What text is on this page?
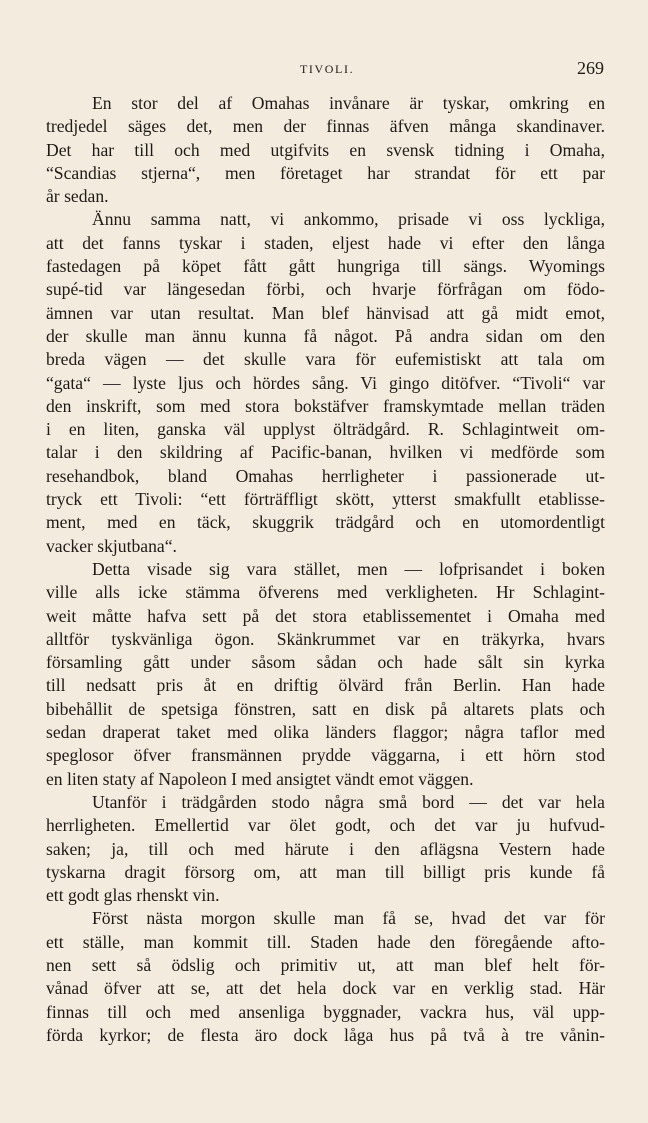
TIVOLI.	269
En stor del af Omahas invånare är tyskar, omkring en
tredjedel säges det, men der finnas äfven många skandinaver.
Det har till och med utgifvits en svensk tidning i Omaha,
“Scandias stjerna“, men företaget har strandat för ett par
år sedan.
Ännu samma natt, vi ankommo, prisade vi oss lyckliga,
att det fanns tyskar i staden, eljest hade vi efter den långa
fastedagen på köpet fått gått hungriga till sängs. Wyomings
supé-tid var längesedan förbi, och hvarje förfrågan om födo-
ämnen var utan resultat. Man blef hänvisad att gå midt emot,
der skulle man ännu kunna få något. På andra sidan om den
breda vägen — det skulle vara för eufemistiskt att tala om
“gata“ — lyste ljus och hördes sång. Vi gingo ditöfver. “Tivoli“ var
den inskrift, som med stora bokstäfver framskymtade mellan träden
i en liten, ganska väl upplyst ölträdgård. R. Schlagintweit om-
talar i den skildring af Pacific-banan, hvilken vi medförde som
resehandbok, bland Omahas herrligheter i passionerade ut-
tryck ett Tivoli: “ett förträffligt skött, ytterst smakfullt etablisse-
ment, med en täck, skuggrik trädgård och en utomordentligt
vacker skjutbana“.
Detta visade sig vara stället, men — lofprisandet i boken
ville alls icke stämma öfverens med verkligheten. Hr Schlagint-
weit måtte hafva sett på det stora etablissementet i Omaha med
alltför tyskvänliga ögon. Skänkrummet var en träkyrka, hvars
församling gått under såsom sådan och hade sålt sin kyrka
till nedsatt pris åt en driftig ölvärd från Berlin. Han hade
bibehållit de spetsiga fönstren, satt en disk på altarets plats och
sedan draperat taket med olika länders flaggor; några taflor med
speglosor öfver fransmännen prydde väggarna, i ett hörn stod
en liten staty af Napoleon I med ansigtet vändt emot väggen.
Utanför i trädgården stodo några små bord — det var hela
herrligheten. Emellertid var ölet godt, och det var ju hufvud-
saken; ja, till och med härute i den aflägsna Vestern hade
tyskarna dragit försorg om, att man till billigt pris kunde få
ett godt glas rhenskt vin.
Först nästa morgon skulle man få se, hvad det var för
ett ställe, man kommit till. Staden hade den föregående afto-
nen sett så ödslig och primitiv ut, att man blef helt för-
vånad öfver att se, att det hela dock var en verklig stad. Här
finnas till och med ansenliga byggnader, vackra hus, väl upp-
förda kyrkor; de flesta äro dock låga hus på två à tre vånin-
